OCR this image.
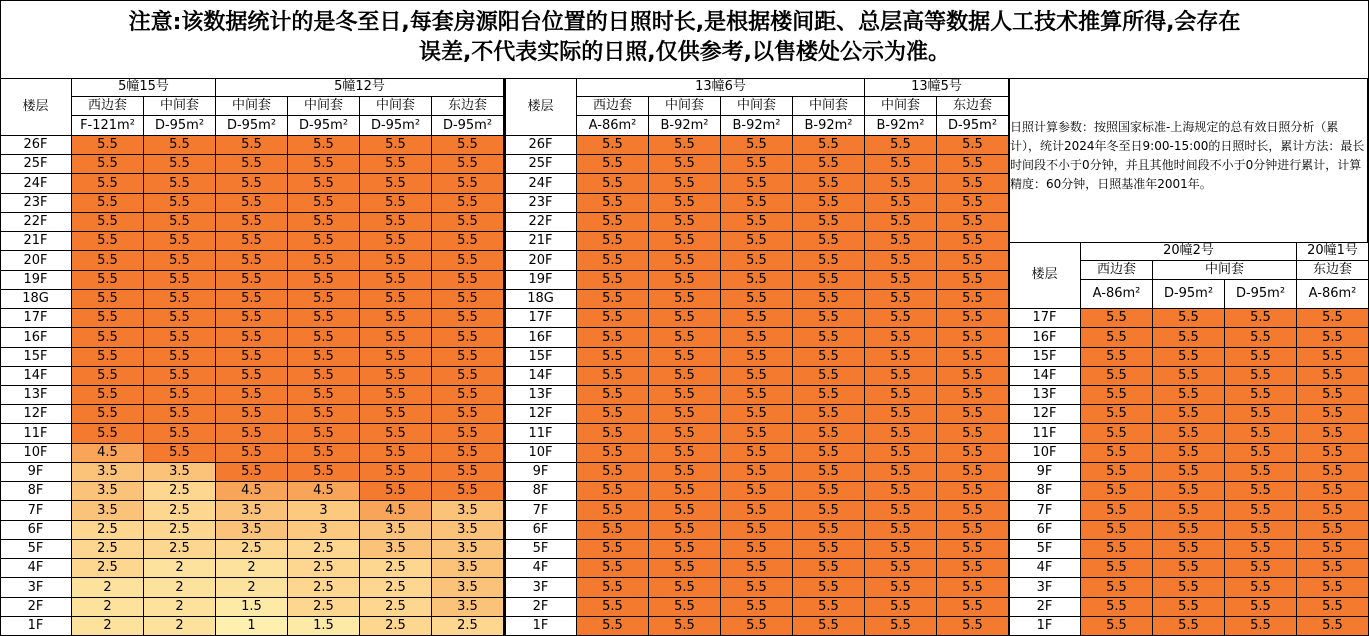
注意:该数据统计的是冬至日,每套房源阳台位置的日照时长,是根据楼间距、总层高等数据人工技术推算所得,会存在
误差,不代表实际的日照,仅供参考,以售楼处公示为准。
楼层
5幢15号	5幢12号
西边套	中间套	中间套	中间套	中间套	东边套
F-121m²	D-95m²	D-95m²	D-95m²	D-95m²	D-95m²
26F	5.5	5.5	5.5	5.5	5.5	5.5
25F	5.5	5.5	5.5	5.5	5.5	5.5
24F	5.5	5.5	5.5	5.5	5.5	5.5
23F	5.5	5.5	5.5	5.5	5.5	5.5
22F	5.5	5.5	5.5	5.5	5.5	5.5
21F	5.5	5.5	5.5	5.5	5.5	5.5
20F	5.5	5.5	5.5	5.5	5.5	5.5
19F	5.5	5.5	5.5	5.5	5.5	5.5
18G	5.5	5.5	5.5	5.5	5.5	5.5
17F	5.5	5.5	5.5	5.5	5.5	5.5
16F	5.5	5.5	5.5	5.5	5.5	5.5
15F	5.5	5.5	5.5	5.5	5.5	5.5
14F	5.5	5.5	5.5	5.5	5.5	5.5
13F	5.5	5.5	5.5	5.5	5.5	5.5
12F	5.5	5.5	5.5	5.5	5.5	5.5
11F	5.5	5.5	5.5	5.5	5.5	5.5
10F	4.5	5.5	5.5	5.5	5.5	5.5
9F	3.5	3.5	5.5	5.5	5.5	5.5
8F	3.5	2.5	4.5	4.5	5.5	5.5
7F	3.5	2.5	3.5	3	4.5	3.5
6F	2.5	2.5	3.5	3	3.5	3.5
5F	2.5	2.5	2.5	2.5	3.5	3.5
4F	2.5	2	2	2.5	2.5	3.5
3F	2	2	2	2.5	2.5	3.5
2F	2	2	1.5	2.5	2.5	3.5
1F	2	2	1	1.5	2.5	2.5
楼层
13幢6号	13幢5号
西边套	中间套	中间套	中间套	中间套	东边套
A-86m²	B-92m²	B-92m²	B-92m²	B-92m²	D-95m²
26F	5.5	5.5	5.5	5.5	5.5	5.5
25F	5.5	5.5	5.5	5.5	5.5	5.5
24F	5.5	5.5	5.5	5.5	5.5	5.5
23F	5.5	5.5	5.5	5.5	5.5	5.5
22F	5.5	5.5	5.5	5.5	5.5	5.5
21F	5.5	5.5	5.5	5.5	5.5	5.5
20F	5.5	5.5	5.5	5.5	5.5	5.5
19F	5.5	5.5	5.5	5.5	5.5	5.5
18G	5.5	5.5	5.5	5.5	5.5	5.5
17F	5.5	5.5	5.5	5.5	5.5	5.5
16F	5.5	5.5	5.5	5.5	5.5	5.5
15F	5.5	5.5	5.5	5.5	5.5	5.5
14F	5.5	5.5	5.5	5.5	5.5	5.5
13F	5.5	5.5	5.5	5.5	5.5	5.5
12F	5.5	5.5	5.5	5.5	5.5	5.5
11F	5.5	5.5	5.5	5.5	5.5	5.5
10F	5.5	5.5	5.5	5.5	5.5	5.5
9F	5.5	5.5	5.5	5.5	5.5	5.5
8F	5.5	5.5	5.5	5.5	5.5	5.5
7F	5.5	5.5	5.5	5.5	5.5	5.5
6F	5.5	5.5	5.5	5.5	5.5	5.5
5F	5.5	5.5	5.5	5.5	5.5	5.5
4F	5.5	5.5	5.5	5.5	5.5	5.5
3F	5.5	5.5	5.5	5.5	5.5	5.5
2F	5.5	5.5	5.5	5.5	5.5	5.5
1F	5.5	5.5	5.5	5.5	5.5	5.5
楼层
20幢2号	20幢1号
西边套	中间套	东边套
A-86m²	D-95m²	D-95m²	A-86m²
17F	5.5	5.5	5.5	5.5
16F	5.5	5.5	5.5	5.5
15F	5.5	5.5	5.5	5.5
14F	5.5	5.5	5.5	5.5
13F	5.5	5.5	5.5	5.5
12F	5.5	5.5	5.5	5.5
11F	5.5	5.5	5.5	5.5
10F	5.5	5.5	5.5	5.5
9F	5.5	5.5	5.5	5.5
8F	5.5	5.5	5.5	5.5
7F	5.5	5.5	5.5	5.5
6F	5.5	5.5	5.5	5.5
5F	5.5	5.5	5.5	5.5
4F	5.5	5.5	5.5	5.5
3F	5.5	5.5	5.5	5.5
2F	5.5	5.5	5.5	5.5
1F	5.5	5.5	5.5	5.5
日照计算参数：按照国家标准-上海规定的总有效日照分析（累计），统计2024年冬至日9:00-15:00的日照时长，累计方法：最长时间段不小于0分钟，并且其他时间段不小于0分钟进行累计，计算精度：60分钟，日照基准年2001年。
